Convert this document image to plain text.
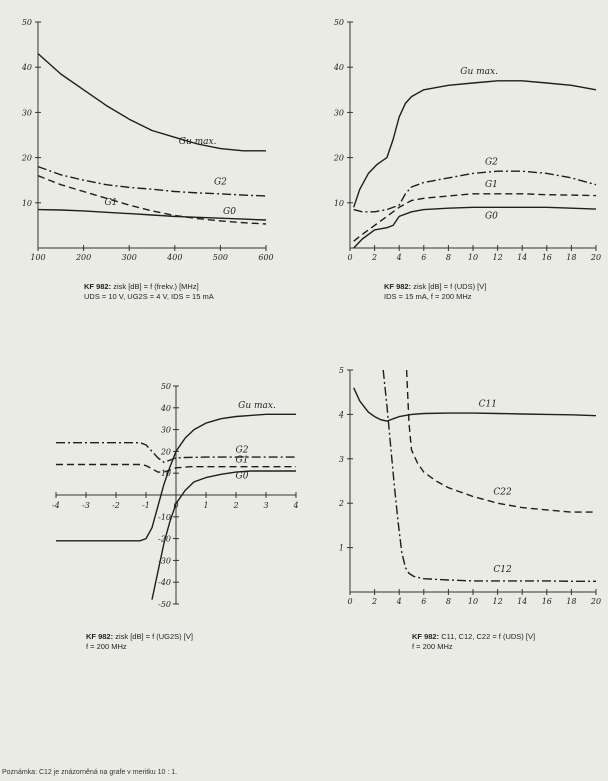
100	200	300	400	500	600
10
20
30
40
50
Gu max.
G2
G1
G0
0 2 4 6 8 10 12 14 16 18 20
10
20
30
40
50
Gu max.
G2
G1
G0
-4	-3	-2	-1	0	1	2	3	4
-50
-40
-30
-20
-10
10
20
30
40
50
Gu max.
G2
G1
G0
0 2 4 6 8 10 12 14 16 18 20
1
2
3
4
5
C11
C22
C12
KF 982: zisk [dB] = f (frekv.) [MHz]
UDS = 10 V, UG2S = 4 V, IDS = 15 mA
KF 982: zisk [dB] = f (UDS) [V]
IDS = 15 mA, f = 200 MHz
KF 982: zisk [dB] = f (UG2S) [V]
f = 200 MHz
KF 982: C11, C12, C22 = f (UDS) [V]
f = 200 MHz
Poznámka: C12 je znázorněná na grafe v meritku 10 : 1.
